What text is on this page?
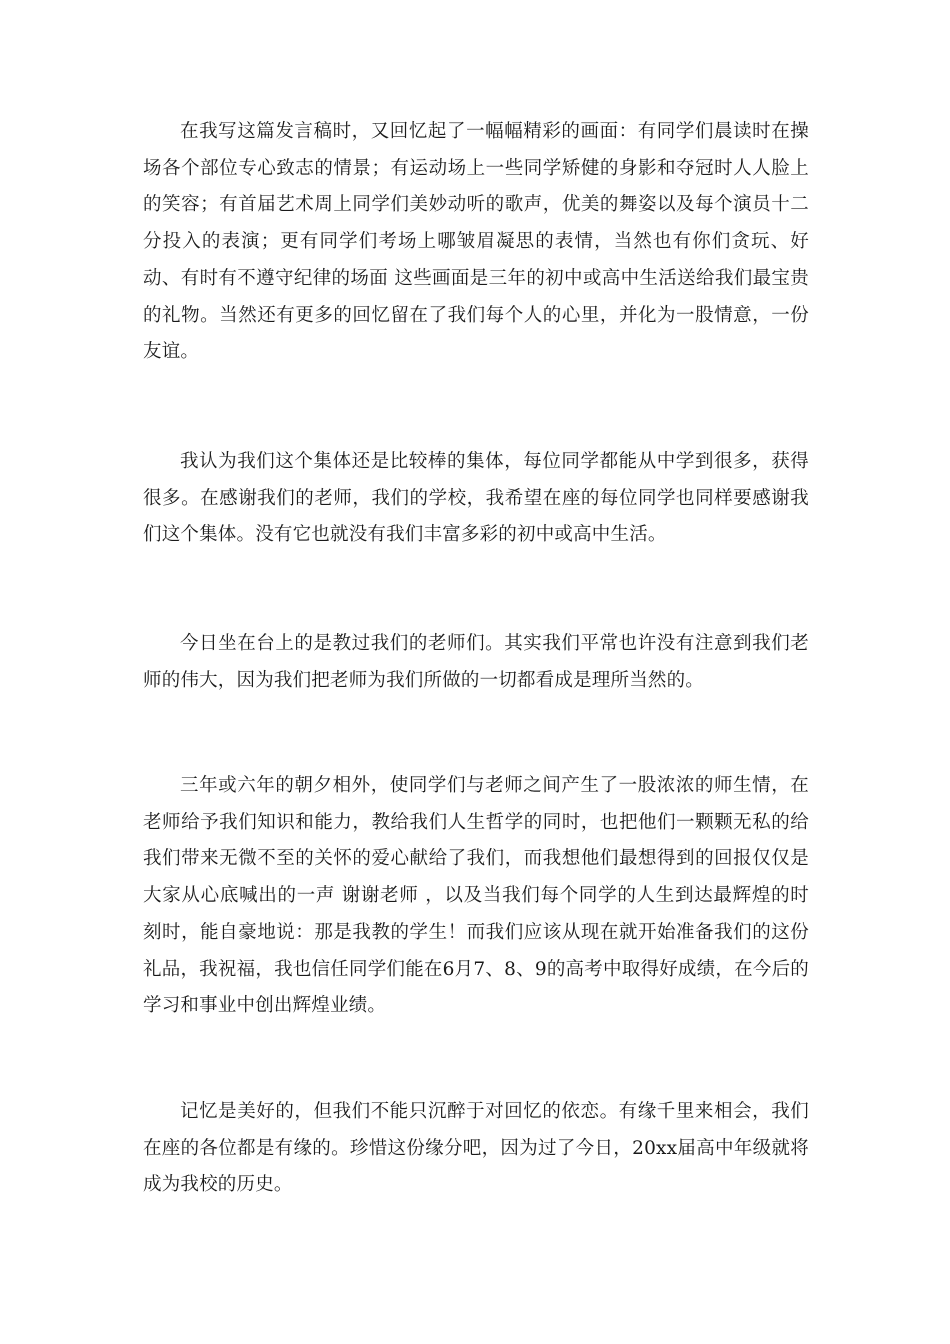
在我写这篇发言稿时，又回忆起了一幅幅精彩的画面：有同学们晨读时在操场各个部位专心致志的情景；有运动场上一些同学矫健的身影和夺冠时人人脸上的笑容；有首届艺术周上同学们美妙动听的歌声，优美的舞姿以及每个演员十二分投入的表演；更有同学们考场上哪皱眉凝思的表情，当然也有你们贪玩、好动、有时有不遵守纪律的场面 这些画面是三年的初中或高中生活送给我们最宝贵的礼物。当然还有更多的回忆留在了我们每个人的心里，并化为一股情意，一份友谊。

我认为我们这个集体还是比较棒的集体，每位同学都能从中学到很多，获得很多。在感谢我们的老师，我们的学校，我希望在座的每位同学也同样要感谢我们这个集体。没有它也就没有我们丰富多彩的初中或高中生活。

今日坐在台上的是教过我们的老师们。其实我们平常也许没有注意到我们老师的伟大，因为我们把老师为我们所做的一切都看成是理所当然的。

三年或六年的朝夕相外，使同学们与老师之间产生了一股浓浓的师生情，在老师给予我们知识和能力，教给我们人生哲学的同时，也把他们一颗颗无私的给我们带来无微不至的关怀的爱心献给了我们，而我想他们最想得到的回报仅仅是大家从心底喊出的一声 谢谢老师 ，以及当我们每个同学的人生到达最辉煌的时刻时，能自豪地说：那是我教的学生！而我们应该从现在就开始准备我们的这份礼品，我祝福，我也信任同学们能在6月7、8、9的高考中取得好成绩，在今后的学习和事业中创出辉煌业绩。

记忆是美好的，但我们不能只沉醉于对回忆的依恋。有缘千里来相会，我们在座的各位都是有缘的。珍惜这份缘分吧，因为过了今日，20xx届高中年级就将成为我校的历史。
